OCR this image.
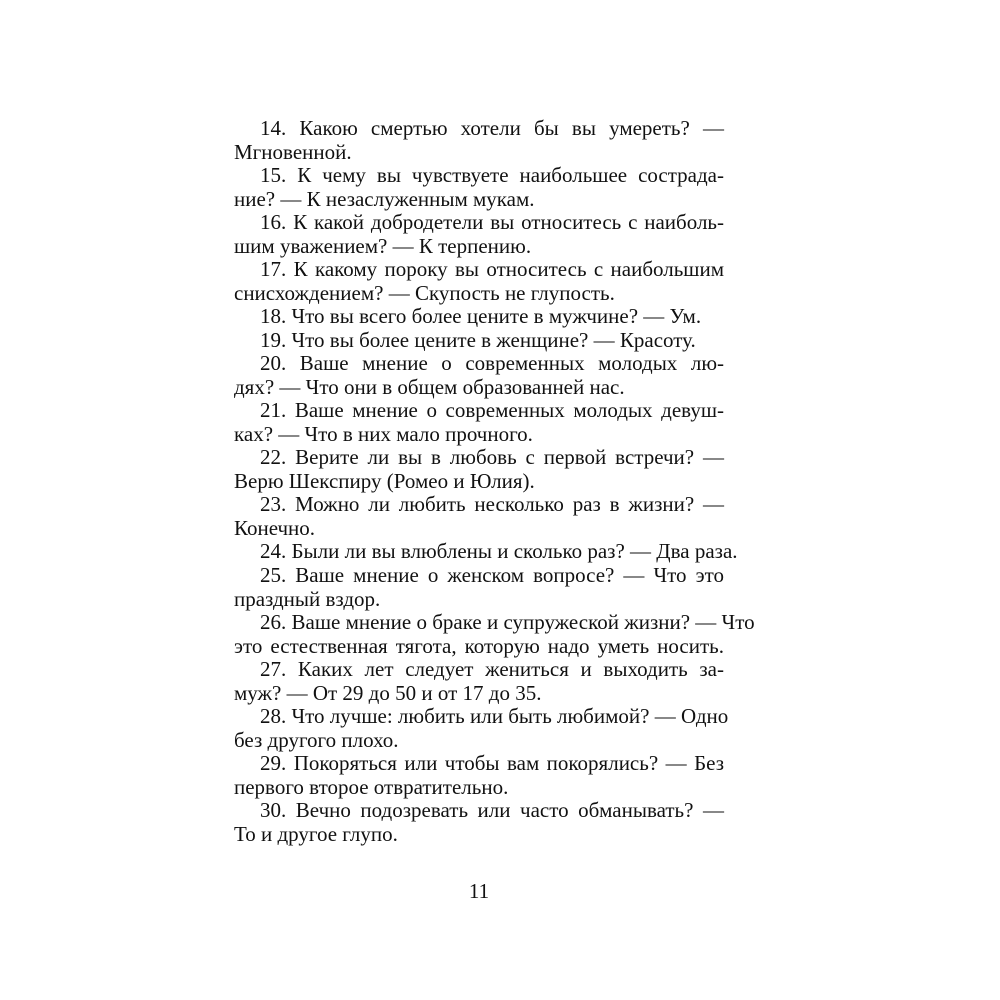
14. Какою смертью хотели бы вы умереть? —
Мгновенной.
15. К чему вы чувствуете наибольшее сострада-
ние? — К незаслуженным мукам.
16. К какой добродетели вы относитесь с наиболь-
шим уважением? — К терпению.
17. К какому пороку вы относитесь с наибольшим
снисхождением? — Скупость не глупость.
18. Что вы всего более цените в мужчине? — Ум.
19. Что вы более цените в женщине? — Красоту.
20. Ваше мнение о современных молодых лю-
дях? — Что они в общем образованней нас.
21. Ваше мнение о современных молодых девуш-
ках? — Что в них мало прочного.
22. Верите ли вы в любовь с первой встречи? —
Верю Шекспиру (Ромео и Юлия).
23. Можно ли любить несколько раз в жизни? —
Конечно.
24. Были ли вы влюблены и сколько раз? — Два раза.
25. Ваше мнение о женском вопросе? — Что это
праздный вздор.
26. Ваше мнение о браке и супружеской жизни? — Что
это естественная тягота, которую надо уметь носить.
27. Каких лет следует жениться и выходить за-
муж? — От 29 до 50 и от 17 до 35.
28. Что лучше: любить или быть любимой? — Одно
без другого плохо.
29. Покоряться или чтобы вам покорялись? — Без
первого второе отвратительно.
30. Вечно подозревать или часто обманывать? —
То и другое глупо.
11
